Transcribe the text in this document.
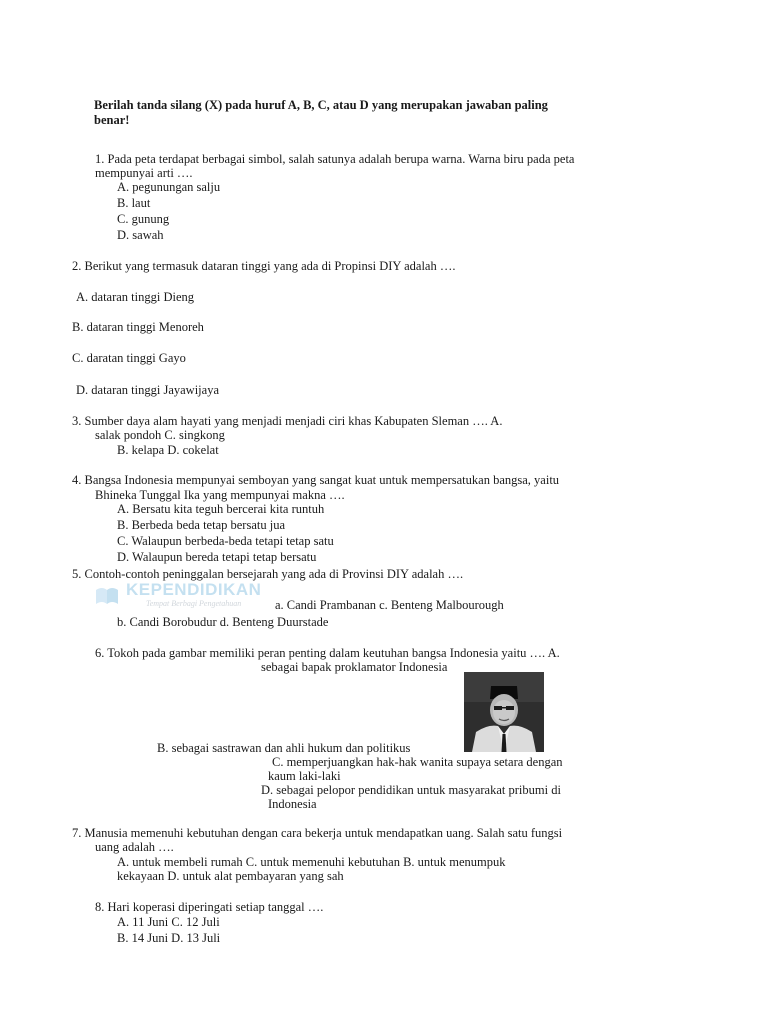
Berilah tanda silang (X) pada huruf A, B, C, atau D yang merupakan jawaban paling
benar!
1. Pada peta terdapat berbagai simbol, salah satunya adalah berupa warna. Warna biru pada peta
mempunyai arti ….
A. pegunungan salju
B. laut
C. gunung
D. sawah
2. Berikut yang termasuk dataran tinggi yang ada di Propinsi DIY adalah ….
A. dataran tinggi Dieng
B. dataran tinggi Menoreh
C. daratan tinggi Gayo
D. dataran tinggi Jayawijaya
3. Sumber daya alam hayati yang menjadi menjadi ciri khas Kabupaten Sleman …. A.
salak pondoh C. singkong
B. kelapa D. cokelat
4. Bangsa Indonesia mempunyai semboyan yang sangat kuat untuk mempersatukan bangsa, yaitu
Bhineka Tunggal Ika yang mempunyai makna ….
A. Bersatu kita teguh bercerai kita runtuh
B. Berbeda beda tetap bersatu jua
C. Walaupun berbeda-beda tetapi tetap satu
D. Walaupun bereda tetapi tetap bersatu
5. Contoh-contoh peninggalan bersejarah yang ada di Provinsi DIY adalah ….
KEPENDIDIKAN
Tempat Berbagi Pengetahuan	a. Candi Prambanan c. Benteng Malbourough
b. Candi Borobudur d. Benteng Duurstade
6. Tokoh pada gambar memiliki peran penting dalam keutuhan bangsa Indonesia yaitu …. A.
sebagai bapak proklamator Indonesia
B. sebagai sastrawan dan ahli hukum dan politikus
C. memperjuangkan hak-hak wanita supaya setara dengan
kaum laki-laki
D. sebagai pelopor pendidikan untuk masyarakat pribumi di
Indonesia
7. Manusia memenuhi kebutuhan dengan cara bekerja untuk mendapatkan uang. Salah satu fungsi
uang adalah ….
A. untuk membeli rumah C. untuk memenuhi kebutuhan B. untuk menumpuk
kekayaan D. untuk alat pembayaran yang sah
8. Hari koperasi diperingati setiap tanggal ….
A. 11 Juni C. 12 Juli
B. 14 Juni D. 13 Juli
